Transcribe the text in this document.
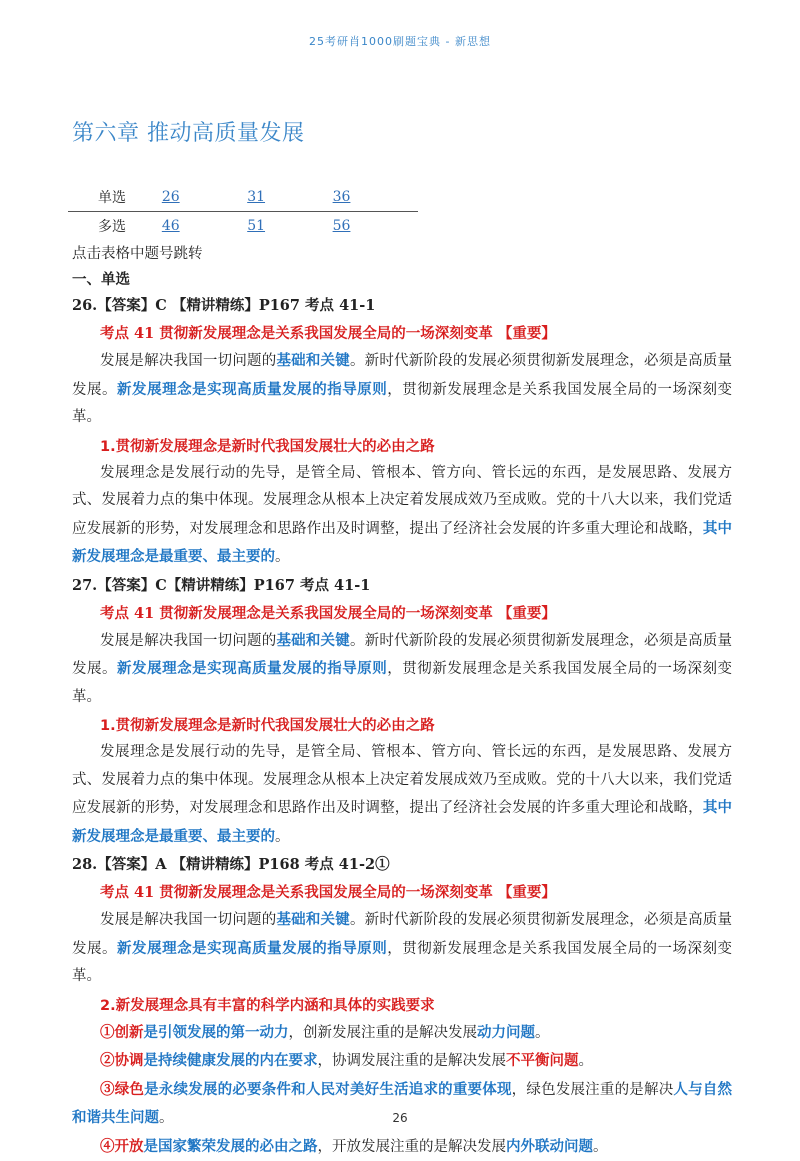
25考研肖1000刷题宝典 - 新思想
第六章 推动高质量发展
单选	26	31	36
多选	46	51	56

点击表格中题号跳转

一、单选

26.【答案】C 【精讲精练】P167 考点 41-1

考点 41 贯彻新发展理念是关系我国发展全局的一场深刻变革 【重要】

发展是解决我国一切问题的基础和关键。新时代新阶段的发展必须贯彻新发展理念，必须是高质量发展。新发展理念是实现高质量发展的指导原则，贯彻新发展理念是关系我国发展全局的一场深刻变革。

1.贯彻新发展理念是新时代我国发展壮大的必由之路

发展理念是发展行动的先导，是管全局、管根本、管方向、管长远的东西，是发展思路、发展方式、发展着力点的集中体现。发展理念从根本上决定着发展成效乃至成败。党的十八大以来，我们党适应发展新的形势，对发展理念和思路作出及时调整，提出了经济社会发展的许多重大理论和战略，其中新发展理念是最重要、最主要的。

27.【答案】C【精讲精练】P167 考点 41-1

考点 41 贯彻新发展理念是关系我国发展全局的一场深刻变革 【重要】

发展是解决我国一切问题的基础和关键。新时代新阶段的发展必须贯彻新发展理念，必须是高质量发展。新发展理念是实现高质量发展的指导原则，贯彻新发展理念是关系我国发展全局的一场深刻变革。

1.贯彻新发展理念是新时代我国发展壮大的必由之路

发展理念是发展行动的先导，是管全局、管根本、管方向、管长远的东西，是发展思路、发展方式、发展着力点的集中体现。发展理念从根本上决定着发展成效乃至成败。党的十八大以来，我们党适应发展新的形势，对发展理念和思路作出及时调整，提出了经济社会发展的许多重大理论和战略，其中新发展理念是最重要、最主要的。

28.【答案】A 【精讲精练】P168 考点 41-2①

考点 41 贯彻新发展理念是关系我国发展全局的一场深刻变革 【重要】

发展是解决我国一切问题的基础和关键。新时代新阶段的发展必须贯彻新发展理念，必须是高质量发展。新发展理念是实现高质量发展的指导原则，贯彻新发展理念是关系我国发展全局的一场深刻变革。

2.新发展理念具有丰富的科学内涵和具体的实践要求

①创新是引领发展的第一动力，创新发展注重的是解决发展动力问题。

②协调是持续健康发展的内在要求，协调发展注重的是解决发展不平衡问题。

③绿色是永续发展的必要条件和人民对美好生活追求的重要体现，绿色发展注重的是解决人与自然和谐共生问题。

④开放是国家繁荣发展的必由之路，开放发展注重的是解决发展内外联动问题。

26
